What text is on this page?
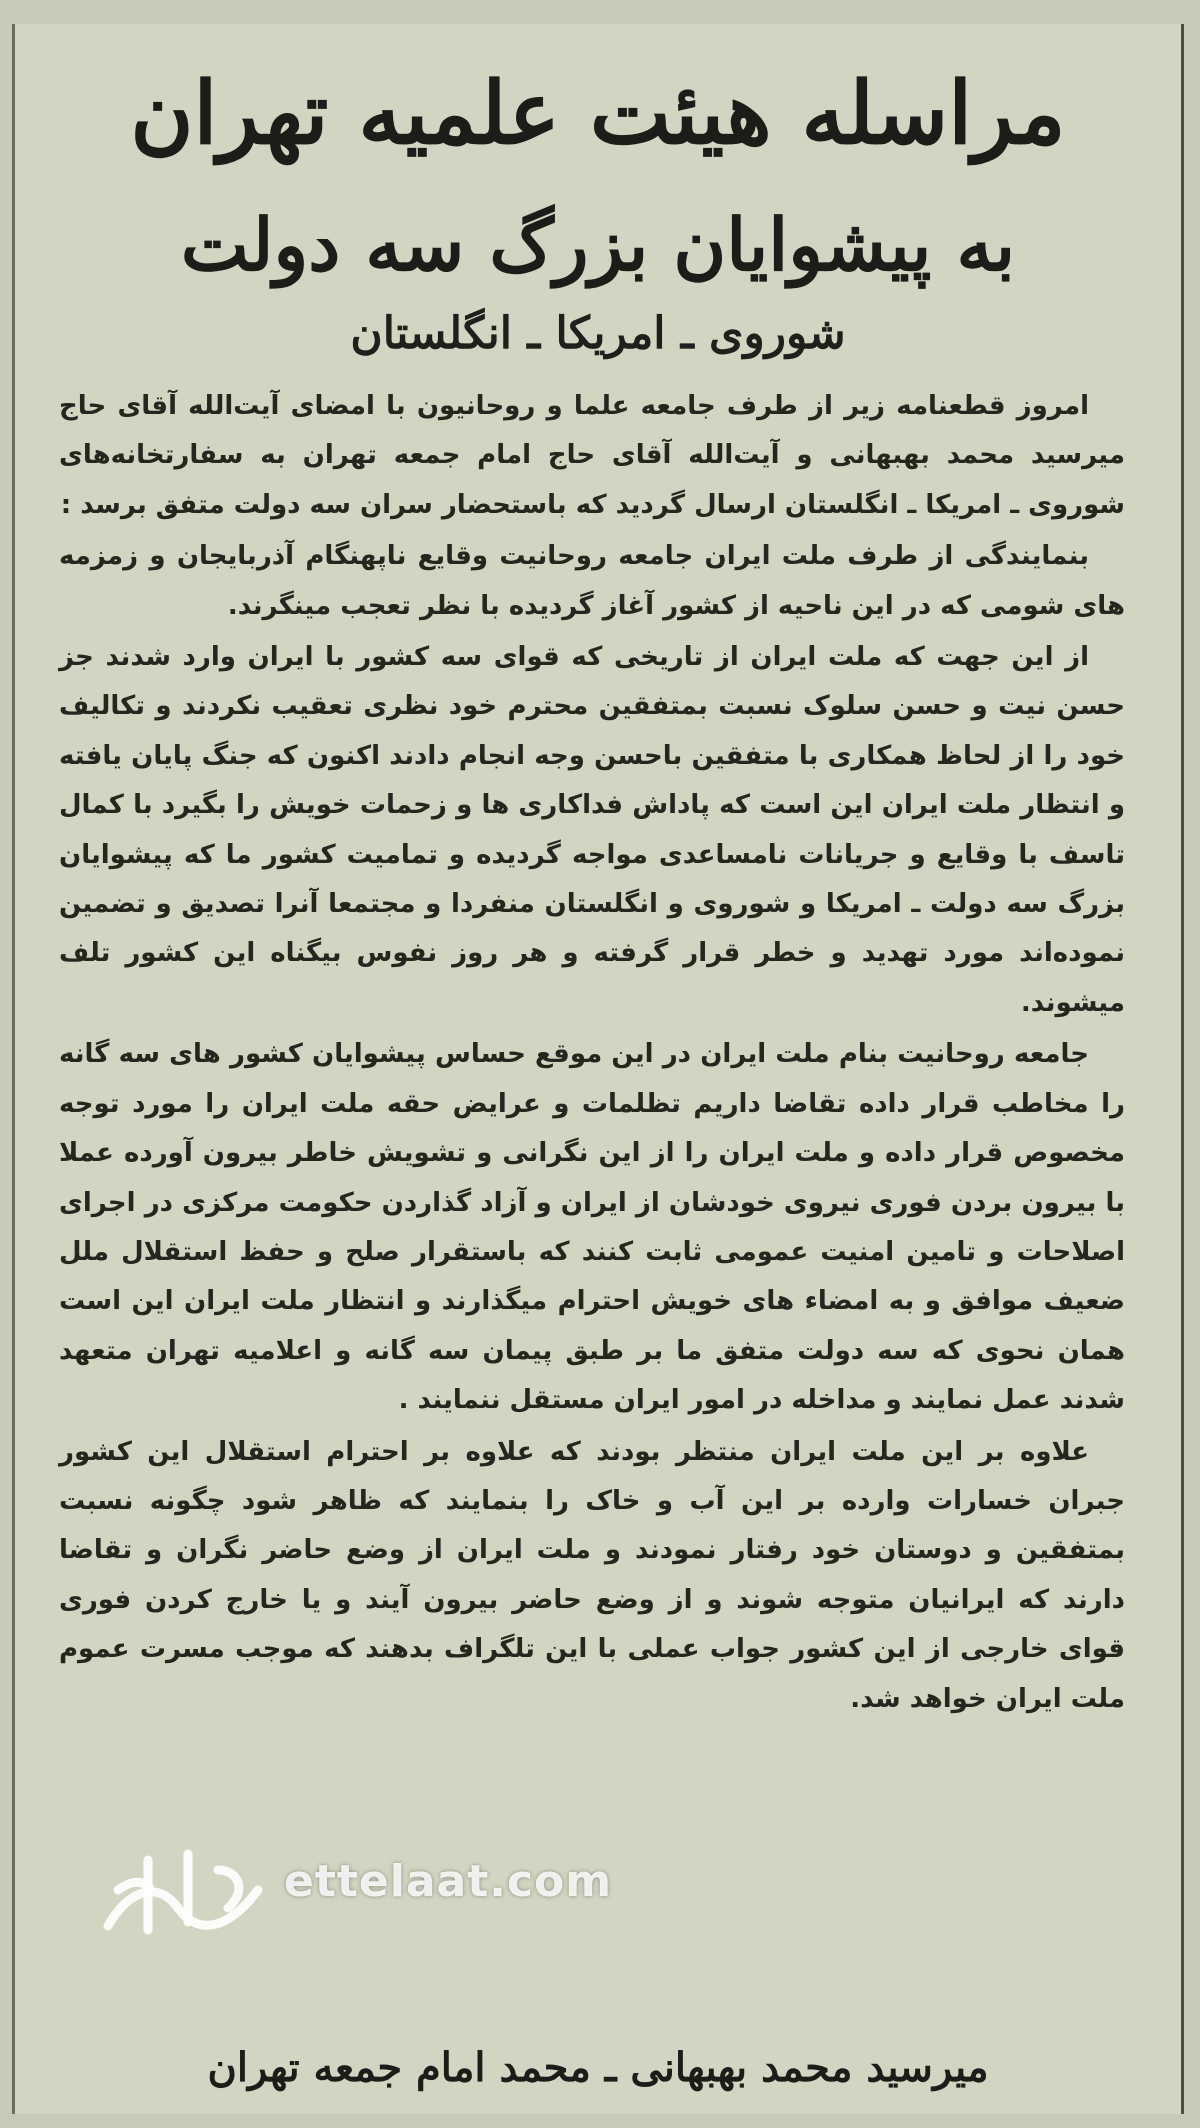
مراسله هیئت علمیه تهران
به پیشوایان بزرگ سه دولت
شوروی ـ امریکا ـ انگلستان

امروز قطعنامه زیر از طرف جامعه علما و روحانیون با امضای آیت‌الله آقای حاج میرسید محمد بهبهانی و آیت‌الله آقای حاج امام جمعه تهران به سفارتخانه‌های شوروی ـ امریکا ـ انگلستان ارسال گردید که باستحضار سران سه دولت متفق برسد :

بنمایندگی از طرف ملت ایران جامعه روحانیت وقایع ناپهنگام آذربایجان و زمزمه های شومی که در این ناحیه از کشور آغاز گردیده با نظر تعجب مینگرند.

از این جهت که ملت ایران از تاریخی که قوای سه کشور با ایران وارد شدند جز حسن نیت و حسن سلوک نسبت بمتفقین محترم خود نظری تعقیب نکردند و تکالیف خود را از لحاظ همکاری با متفقین باحسن وجه انجام دادند اکنون که جنگ پایان یافته و انتظار ملت ایران این است که پاداش فداکاری ها و زحمات خویش را بگیرد با کمال تاسف با وقایع و جریانات نامساعدی مواجه گردیده و تمامیت کشور ما که پیشوایان بزرگ سه دولت ـ امریکا و شوروی و انگلستان منفردا و مجتمعا آنرا تصدیق و تضمین نموده‌اند مورد تهدید و خطر قرار گرفته و هر روز نفوس بیگناه این کشور تلف میشوند.

جامعه روحانیت بنام ملت ایران در این موقع حساس پیشوایان کشور های سه گانه را مخاطب قرار داده تقاضا داریم تظلمات و عرایض حقه ملت ایران را مورد توجه مخصوص قرار داده و ملت ایران را از این نگرانی و تشویش خاطر بیرون آورده عملا با بیرون بردن فوری نیروی خودشان از ایران و آزاد گذاردن حکومت مرکزی در اجرای اصلاحات و تامین امنیت عمومی ثابت کنند که باستقرار صلح و حفظ استقلال ملل ضعیف موافق و به امضاء های خویش احترام میگذارند و انتظار ملت ایران این است همان نحوی که سه دولت متفق ما بر طبق پیمان سه گانه و اعلامیه تهران متعهد شدند عمل نمایند و مداخله در امور ایران مستقل ننمایند .

علاوه بر این ملت ایران منتظر بودند که علاوه بر احترام استقلال این کشور جبران خسارات وارده بر این آب و خاک را بنمایند که ظاهر شود چگونه نسبت بمتفقین و دوستان خود رفتار نمودند و ملت ایران از وضع حاضر نگران و تقاضا دارند که ایرانیان متوجه شوند و از وضع حاضر بیرون آیند و یا خارج کردن فوری قوای خارجی از این کشور جواب عملی با این تلگراف بدهند که موجب مسرت عموم ملت ایران خواهد شد.

میرسید محمد بهبهانی ـ محمد امام جمعه تهران
ettelaat.com
